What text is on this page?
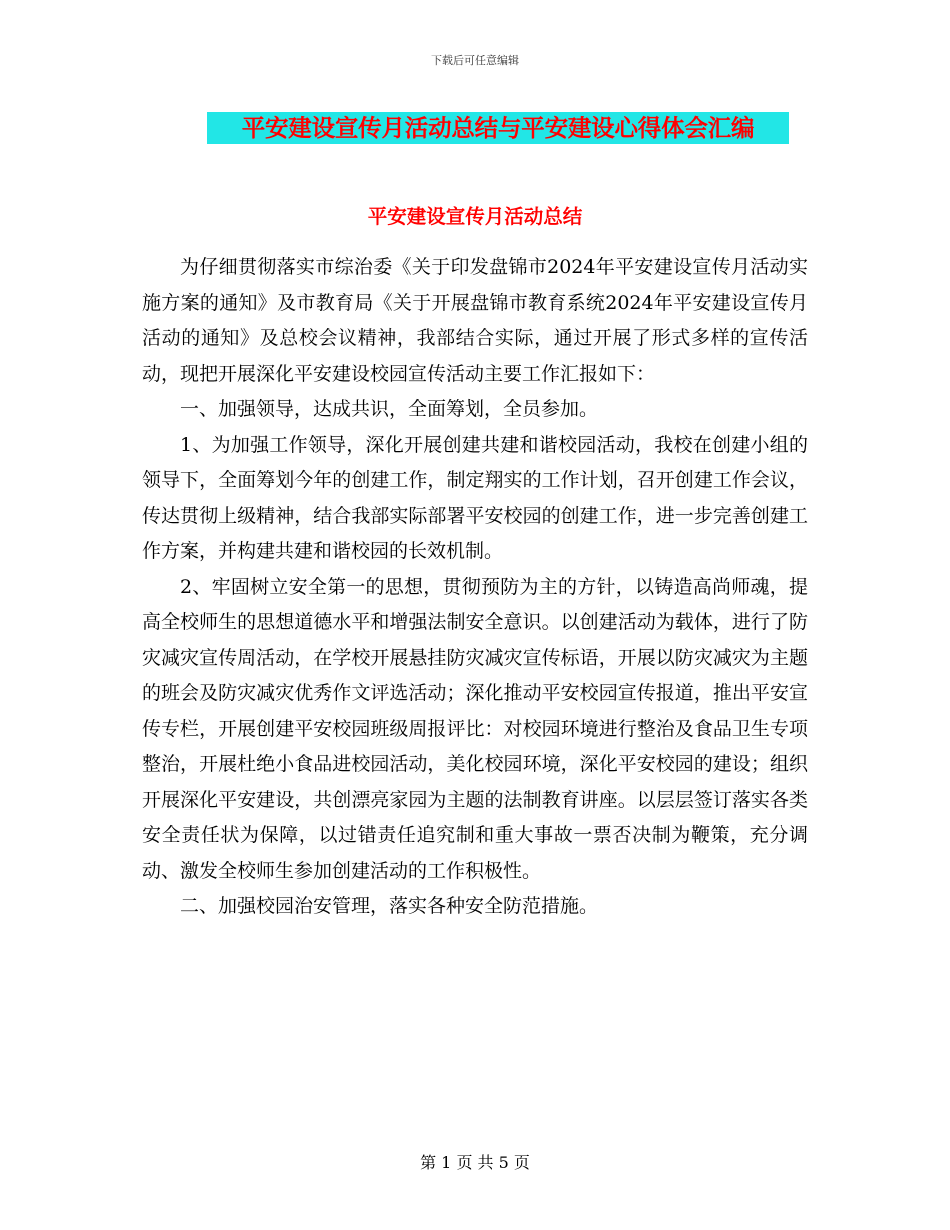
下载后可任意编辑
平安建设宣传月活动总结与平安建设心得体会汇编
平安建设宣传月活动总结

为仔细贯彻落实市综治委《关于印发盘锦市2024年平安建设宣传月活动实施方案的通知》及市教育局《关于开展盘锦市教育系统2024年平安建设宣传月活动的通知》及总校会议精神，我部结合实际，通过开展了形式多样的宣传活动，现把开展深化平安建设校园宣传活动主要工作汇报如下：

一、加强领导，达成共识，全面筹划，全员参加。

1、为加强工作领导，深化开展创建共建和谐校园活动，我校在创建小组的领导下，全面筹划今年的创建工作，制定翔实的工作计划，召开创建工作会议，传达贯彻上级精神，结合我部实际部署平安校园的创建工作，进一步完善创建工作方案，并构建共建和谐校园的长效机制。

2、牢固树立安全第一的思想，贯彻预防为主的方针，以铸造高尚师魂，提高全校师生的思想道德水平和增强法制安全意识。以创建活动为载体，进行了防灾减灾宣传周活动，在学校开展悬挂防灾减灾宣传标语，开展以防灾减灾为主题的班会及防灾减灾优秀作文评选活动；深化推动平安校园宣传报道，推出平安宣传专栏，开展创建平安校园班级周报评比：对校园环境进行整治及食品卫生专项整治，开展杜绝小食品进校园活动，美化校园环境，深化平安校园的建设；组织开展深化平安建设，共创漂亮家园为主题的法制教育讲座。以层层签订落实各类安全责任状为保障，以过错责任追究制和重大事故一票否决制为鞭策，充分调动、激发全校师生参加创建活动的工作积极性。

二、加强校园治安管理，落实各种安全防范措施。

第 1 页 共 5 页
